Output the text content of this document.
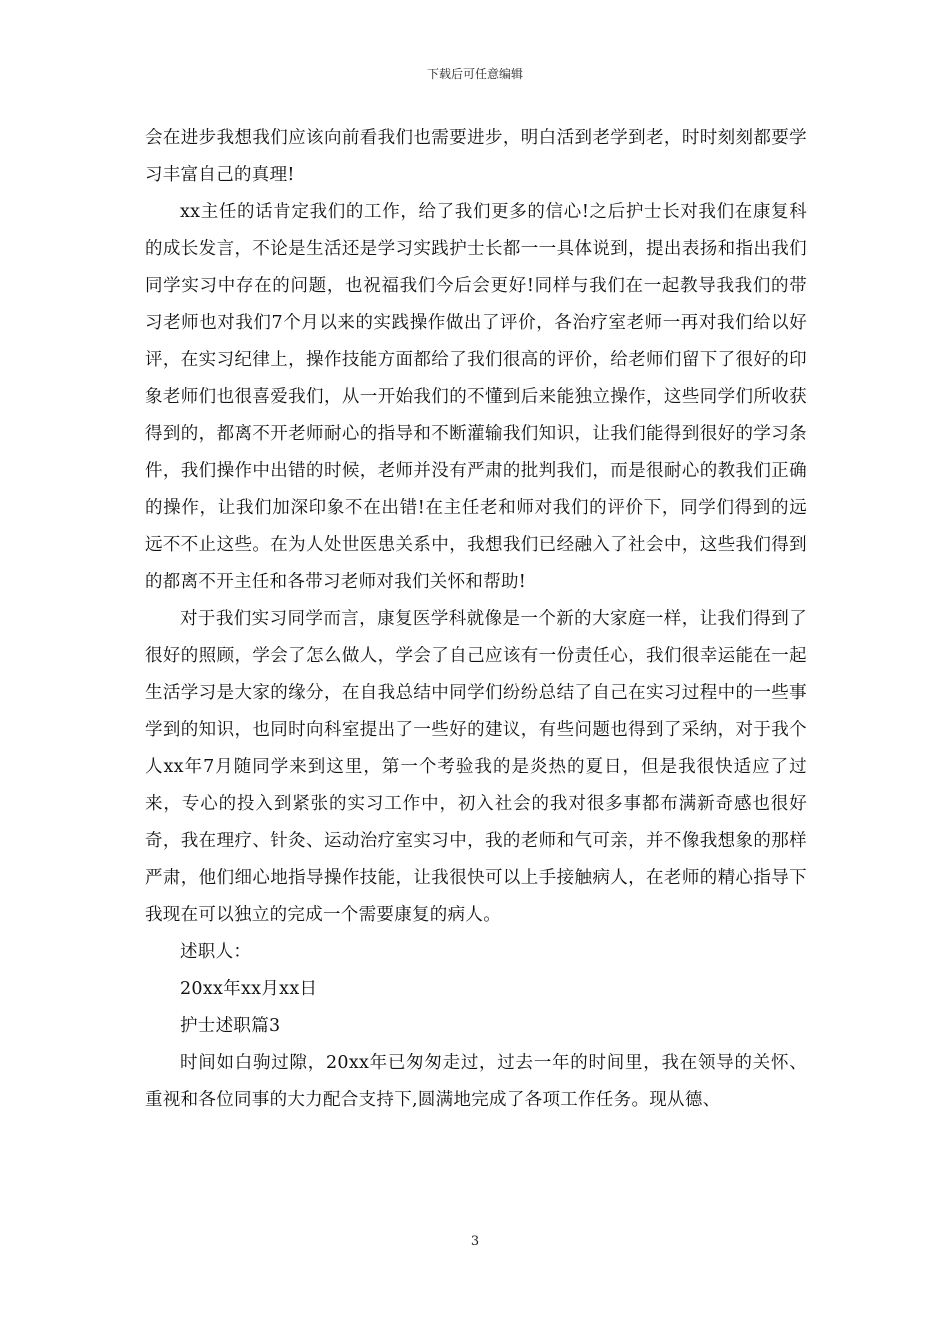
下载后可任意编辑

会在进步我想我们应该向前看我们也需要进步，明白活到老学到老，时时刻刻都要学习丰富自己的真理!

xx主任的话肯定我们的工作，给了我们更多的信心!之后护士长对我们在康复科的成长发言，不论是生活还是学习实践护士长都一一具体说到，提出表扬和指出我们同学实习中存在的问题，也祝福我们今后会更好!同样与我们在一起教导我我们的带习老师也对我们7个月以来的实践操作做出了评价，各治疗室老师一再对我们给以好评，在实习纪律上，操作技能方面都给了我们很高的评价，给老师们留下了很好的印象老师们也很喜爱我们，从一开始我们的不懂到后来能独立操作，这些同学们所收获得到的，都离不开老师耐心的指导和不断灌输我们知识，让我们能得到很好的学习条件，我们操作中出错的时候，老师并没有严肃的批判我们，而是很耐心的教我们正确的操作，让我们加深印象不在出错!在主任老和师对我们的评价下，同学们得到的远远不不止这些。在为人处世医患关系中，我想我们已经融入了社会中，这些我们得到的都离不开主任和各带习老师对我们关怀和帮助!

对于我们实习同学而言，康复医学科就像是一个新的大家庭一样，让我们得到了很好的照顾，学会了怎么做人，学会了自己应该有一份责任心，我们很幸运能在一起生活学习是大家的缘分，在自我总结中同学们纷纷总结了自己在实习过程中的一些事学到的知识，也同时向科室提出了一些好的建议，有些问题也得到了采纳，对于我个人xx年7月随同学来到这里，第一个考验我的是炎热的夏日，但是我很快适应了过来，专心的投入到紧张的实习工作中，初入社会的我对很多事都布满新奇感也很好奇，我在理疗、针灸、运动治疗室实习中，我的老师和气可亲，并不像我想象的那样严肃，他们细心地指导操作技能，让我很快可以上手接触病人，在老师的精心指导下我现在可以独立的完成一个需要康复的病人。

述职人：

20xx年xx月xx日

护士述职篇3

时间如白驹过隙，20xx年已匆匆走过，过去一年的时间里，我在领导的关怀、重视和各位同事的大力配合支持下,圆满地完成了各项工作任务。现从德、

3
